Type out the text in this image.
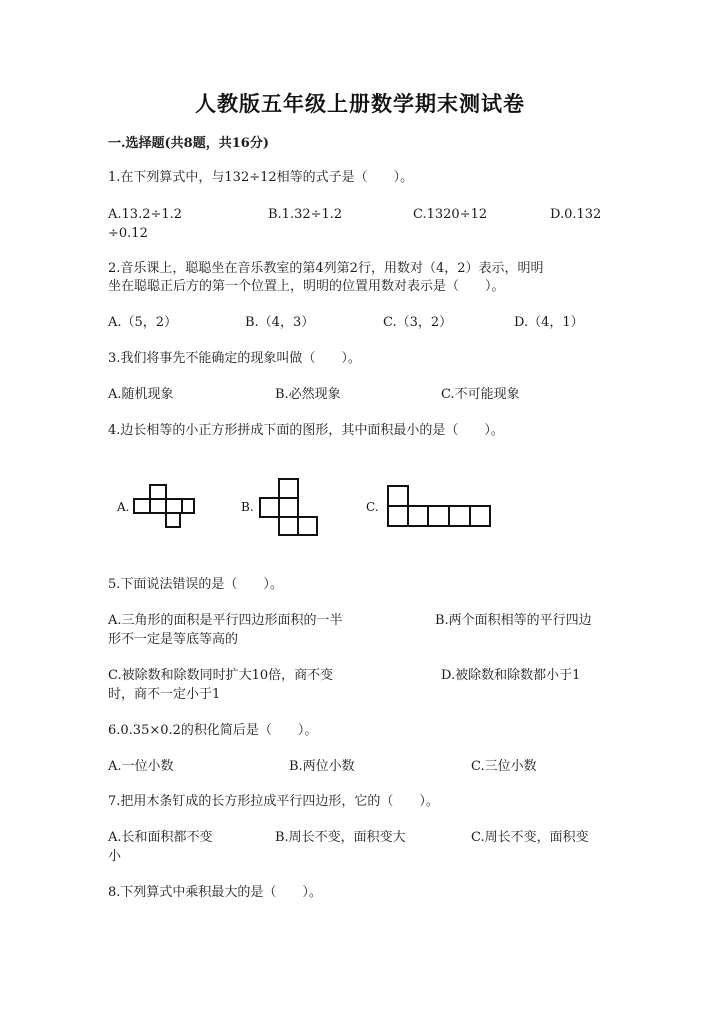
人教版五年级上册数学期末测试卷
一.选择题(共8题，共16分)
1.在下列算式中，与132÷12相等的式子是（　　）。
A.13.2÷1.2	B.1.32÷1.2	C.1320÷12	D.0.132
÷0.12
2.音乐课上，聪聪坐在音乐教室的第4列第2行，用数对（4，2）表示，明明
坐在聪聪正后方的第一个位置上，明明的位置用数对表示是（　　）。
A.（5，2）	B.（4，3）	C.（3，2）	D.（4，1）
3.我们将事先不能确定的现象叫做（　　）。
A.随机现象	B.必然现象	C.不可能现象
4.边长相等的小正方形拼成下面的图形，其中面积最小的是（　　）。
A.	B.	C.
5.下面说法错误的是（　　）。
A.三角形的面积是平行四边形面积的一半	B.两个面积相等的平行四边
形不一定是等底等高的
C.被除数和除数同时扩大10倍，商不变	D.被除数和除数都小于1
时，商不一定小于1
6.0.35×0.2的积化简后是（　　）。
A.一位小数	B.两位小数	C.三位小数
7.把用木条钉成的长方形拉成平行四边形，它的（　　）。
A.长和面积都不变	B.周长不变，面积变大	C.周长不变，面积变
小
8.下列算式中乘积最大的是（　　）。
